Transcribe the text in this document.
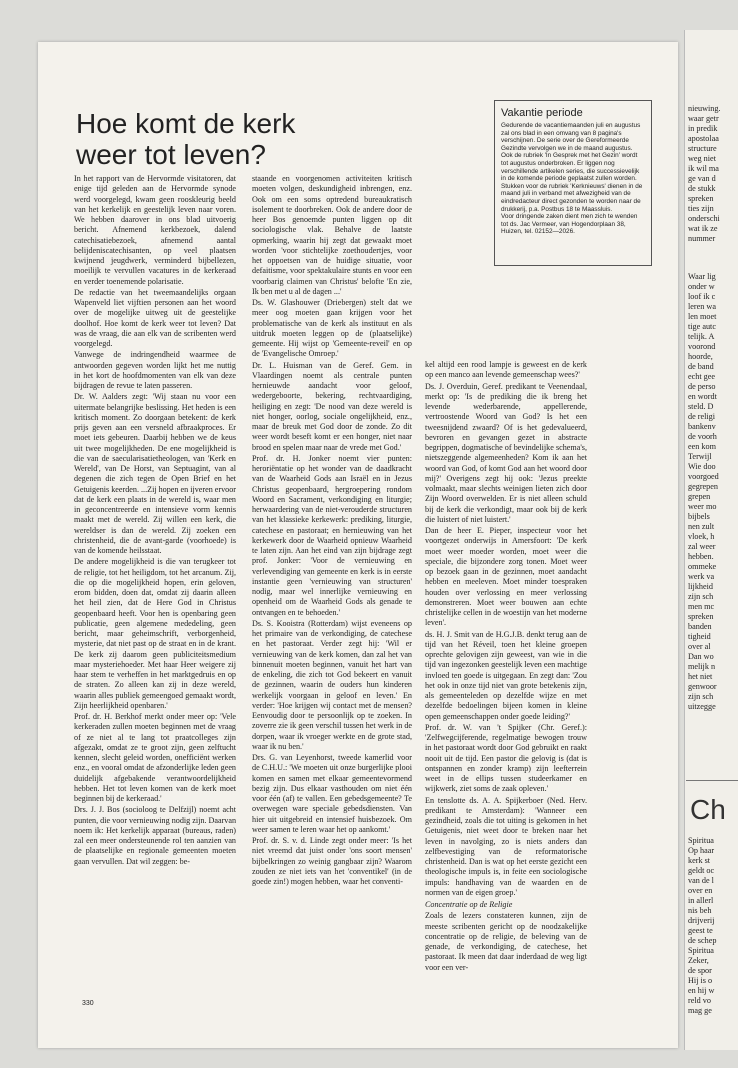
Hoe komt de kerk weer tot leven?
Vakantie periode

Gedurende de vacantiemaanden juli en augustus zal ons blad in een omvang van 8 pagina's verschijnen. De serie over de Gereformeerde Gezindte vervolgen we in de maand augustus. Ook de rubriek 'In Gesprek met het Gezin' wordt tot augustus onderbroken. Er liggen nog verschillende artikelen series, die successievelijk in de komende periode geplaatst zullen worden.

Stukken voor de rubriek 'Kerknieuws' dienen in de maand juli in verband met afwezigheid van de eindredacteur direct gezonden te worden naar de drukkerij, p.a. Postbus 18 te Maassluis.

Voor dringende zaken dient men zich te wenden tot ds. Jac Vermeer, van Hogendorplaan 38, Huizen, tel. 02152—2026.

In het rapport van de Hervormde visitatoren, dat enige tijd geleden aan de Hervormde synode werd voorgelegd, kwam geen rooskleurig beeld van het kerkelijk en geestelijk leven naar voren. We hebben daarover in ons blad uitvoerig bericht. Afnemend kerkbezoek, dalend catechisatiebezoek, afnemend aantal belijdeniscatechisanten, op veel plaatsen kwijnend jeugdwerk, verminderd bijbellezen, moeilijk te vervullen vacatures in de kerkeraad en verder toenemende polarisatie.

De redactie van het tweemaandelijks orgaan Wapenveld liet vijftien personen aan het woord over de mogelijke uitweg uit de geestelijke doolhof. Hoe komt de kerk weer tot leven? Dat was de vraag, die aan elk van de scribenten werd voorgelegd.

Vanwege de indringendheid waarmee de antwoorden gegeven worden lijkt het me nuttig in het kort de hoofdmomenten van elk van deze bijdragen de revue te laten passeren.

Dr. W. Aalders zegt: 'Wij staan nu voor een uitermate belangrijke beslissing. Het heden is een kritisch moment. Zo doorgaan betekent: de kerk prijs geven aan een versneld afbraakproces. Er moet iets gebeuren. Daarbij hebben we de keus uit twee mogelijkheden. De ene mogelijkheid is die van de saecularisatietheologen, van 'Kerk en Wereld', van De Horst, van Septuagint, van al degenen die zich tegen de Open Brief en het Getuigenis keerden. ...Zij hopen en ijveren ervoor dat de kerk een plaats in de wereld is, waar men in geconcentreerde en intensieve vorm kennis maakt met de wereld. Zij willen een kerk, die wereldser is dan de wereld. Zij zoeken een christenheid, die de avant-garde (voorhoede) is van de komende heilsstaat.

De andere mogelijkheid is die van terugkeer tot de religie, tot het heiligdom, tot het arcanum. Zij, die op die mogelijkheid hopen, erin geloven, erom bidden, doen dat, omdat zij daarin alleen het heil zien, dat de Here God in Christus geopenbaard heeft. Voor hen is openbaring geen publicatie, geen algemene mededeling, geen bericht, maar geheimschrift, verborgenheid, mysterie, dat niet past op de straat en in de krant. De kerk zij daarom geen publiciteitsmedium maar mysteriehoeder. Met haar Heer weigere zij haar stem te verheffen in het marktgedruis en op de straten. Zo alleen kan zij in deze wereld, waarin alles publiek gemeengoed gemaakt wordt, Zijn heerlijkheid openbaren.'

Prof. dr. H. Berkhof merkt onder meer op: 'Vele kerkeraden zullen moeten beginnen met de vraag of ze niet al te lang tot praatcolleges zijn afgezakt, omdat ze te groot zijn, geen zelftucht kennen, slecht geleid worden, onefficiënt werken enz., en vooral omdat de afzonderlijke leden geen duidelijk afgebakende verantwoordelijkheid hebben. Het tot leven komen van de kerk moet beginnen bij de kerkeraad.'

Drs. J. J. Bos (socioloog te Delfzijl) noemt acht punten, die voor vernieuwing nodig zijn. Daarvan noem ik: Het kerkelijk apparaat (bureaus, raden) zal een meer ondersteunende rol ten aanzien van de plaatselijke en regionale gemeenten moeten gaan vervullen. Dat wil zeggen: be-

staande en voorgenomen activiteiten kritisch moeten volgen, deskundigheid inbrengen, enz. Ook om een soms optredend bureaukratisch isolement te doorbreken. Ook de andere door de heer Bos genoemde punten liggen op dit sociologische vlak. Behalve de laatste opmerking, waarin hij zegt dat gewaakt moet worden 'voor stichtelijke zoethoudertjes, voor het oppoetsen van de huidige situatie, voor defaitisme, voor spektakulaire stunts en voor een voorbarig claimen van Christus' belofte 'En zie, Ik ben met u al de dagen ...'

Ds. W. Glashouwer (Driebergen) stelt dat we meer oog moeten gaan krijgen voor het problematische van de kerk als instituut en als uitdruk moeten leggen op de (plaatselijke) gemeente. Hij wijst op 'Gemeente-reveil' en op de 'Evangelische Omroep.'

Dr. L. Huisman van de Geref. Gem. in Vlaardingen noemt als centrale punten hernieuwde aandacht voor geloof, wedergeboorte, bekering, rechtvaardiging, heiliging en zegt: 'De nood van deze wereld is niet honger, oorlog, sociale ongelijkheid, enz., maar de breuk met God door de zonde. Zo dit weer wordt beseft komt er een honger, niet naar brood en spelen maar naar de vrede met God.'

Prof. dr. H. Jonker noemt vier punten: heroriëntatie op het wonder van de daadkracht van de Waarheid Gods aan Israël en in Jezus Christus geopenbaard, hergroepering rondom Woord en Sacrament, verkondiging en liturgie; herwaardering van de niet-verouderde structuren van het klassieke kerkewerk: prediking, liturgie, catechese en pastoraat; en hernieuwing van het kerkewerk door de Waarheid opnieuw Waarheid te laten zijn. Aan het eind van zijn bijdrage zegt prof. Jonker: 'Voor de vernieuwing en verlevendiging van gemeente en kerk is in eerste instantie geen 'vernieuwing van structuren' nodig, maar wel innerlijke vernieuwing en openheid om de Waarheid Gods als genade te ontvangen en te behoeden.'

Ds. S. Kooistra (Rotterdam) wijst eveneens op het primaire van de verkondiging, de catechese en het pastoraat. Verder zegt hij: 'Wil er vernieuwing van de kerk komen, dan zal het van binnenuit moeten beginnen, vanuit het hart van de enkeling, die zich tot God bekeert en vanuit de gezinnen, waarin de ouders hun kinderen werkelijk voorgaan in geloof en leven.' En verder: 'Hoe krijgen wij contact met de mensen? Eenvoudig door te persoonlijk op te zoeken. In zoverre zie ik geen verschil tussen het werk in de dorpen, waar ik vroeger werkte en de grote stad, waar ik nu ben.'

Drs. G. van Leyenhorst, tweede kamerlid voor de C.H.U.: 'We moeten uit onze burgerlijke plooi komen en samen met elkaar gemeentevormend bezig zijn. Dus elkaar vasthouden om niet één voor één (af) te vallen. Een gebedsgemeente? Te overwegen ware speciale gebedsdiensten. Van hier uit uitgebreid en intensief huisbezoek. Om weer samen te leren waar het op aankomt.'

Prof. dr. S. v. d. Linde zegt onder meer: 'Is het niet vreemd dat juist onder 'ons soort mensen' bijbelkringen zo weinig gangbaar zijn? Waarom zouden ze niet iets van het 'conventikel' (in de goede zin!) mogen hebben, waar het conventi-

kel altijd een rood lampje is geweest en de kerk op een manco aan levende gemeenschap wees?'

Ds. J. Overduin, Geref. predikant te Veenendaal, merkt op: 'Is de prediking die ik breng het levende wederbarende, appellerende, vertroostende Woord van God? Is het een tweesnijdend zwaard? Of is het gedevalueerd, bevroren en gevangen gezet in abstracte begrippen, dogmatische of bevindelijke schema's, nietszeggende algemeenheden? Kom ik aan het woord van God, of komt God aan het woord door mij?' Overigens zegt hij ook: 'Jezus preekte volmaakt, maar slechts weinigen lieten zich door Zijn Woord overwelden. Er is niet alleen schuld bij de kerk die verkondigt, maar ook bij de kerk die luistert of niet luistert.'

Dan de heer E. Pieper, inspecteur voor het voortgezet onderwijs in Amersfoort: 'De kerk moet weer moeder worden, moet weer die speciale, die bijzondere zorg tonen. Moet weer op bezoek gaan in de gezinnen, moet aandacht hebben en meeleven. Moet minder toespraken houden over verlossing en meer verlossing demonstreren. Moet weer bouwen aan echte christelijke cellen in de woestijn van het moderne leven'.

ds. H. J. Smit van de H.G.J.B. denkt terug aan de tijd van het Réveil, toen het kleine groepen oprechte gelovigen zijn geweest, van wie in die tijd van ingezonken geestelijk leven een machtige invloed ten goede is uitgegaan. En zegt dan: 'Zou het ook in onze tijd niet van grote betekenis zijn, als gemeenteleden op dezelfde wijze en met dezelfde bedoelingen bijeen komen in kleine open gemeenschappen onder goede leiding?'

Prof. dr. W. van 't Spijker (Chr. Geref.): 'Zelfwegcijferende, regelmatige bewogen trouw in het pastoraat wordt door God gebruikt en raakt nooit uit de tijd. Een pastor die gelovig is (dat is ontspannen en zonder kramp) zijn leefterrein weet in de ellips tussen studeerkamer en wijkwerk, ziet soms de zaak opleven.'

En tenslotte ds. A. A. Spijkerboer (Ned. Herv. predikant te Amsterdam): 'Wanneer een gezindheid, zoals die tot uiting is gekomen in het Getuigenis, niet weet door te breken naar het leven in navolging, zo is niets anders dan zelfbevestiging van de reformatorische christenheid. Dan is wat op het eerste gezicht een theologische impuls is, in feite een sociologische impuls: handhaving van de waarden en de normen van de eigen groep.'

Concentratie op de Religie

Zoals de lezers constateren kunnen, zijn de meeste scribenten gericht op de noodzakelijke concentratie op de religie, de beleving van de genade, de verkondiging, de catechese, het pastoraat. Ik meen dat daar inderdaad de weg ligt voor een ver-

330
nieuwing.
waar getr
in predik
apostolaa
structure
weg niet
ik wil ma
ge van d
de stukk
spreken
ties zijn
onderschi
wat ik ze
nummer
Waar lig
onder w
loof ik c
leren wa
len moet
tige autc
telijk. A
voorond
hoorde,
de band
echt gee
de perso
en wordt
steld. D
de religi
bankenv
de voorh
een kom
Terwijl
Wie doo
voorgoed
gegrepen
grepen
weer mo
bijbels
nen zult
vloek, h
zal weer
hebben.
ommeke
werk va
lijkheid
zijn sch
men mc
spreken
banden
tigheid
over al
Dan wo
melijk n
het niet
genwoor
zijn sch
uitzegge
Spiritua
Op haar
kerk st
geldt oc
van de l
over en
in allerl
nis beh
drijverij
geest te
de schep
Spiritua
Zeker,
de spor
Hij is o
en hij w
reld vo
mag ge
Ch
